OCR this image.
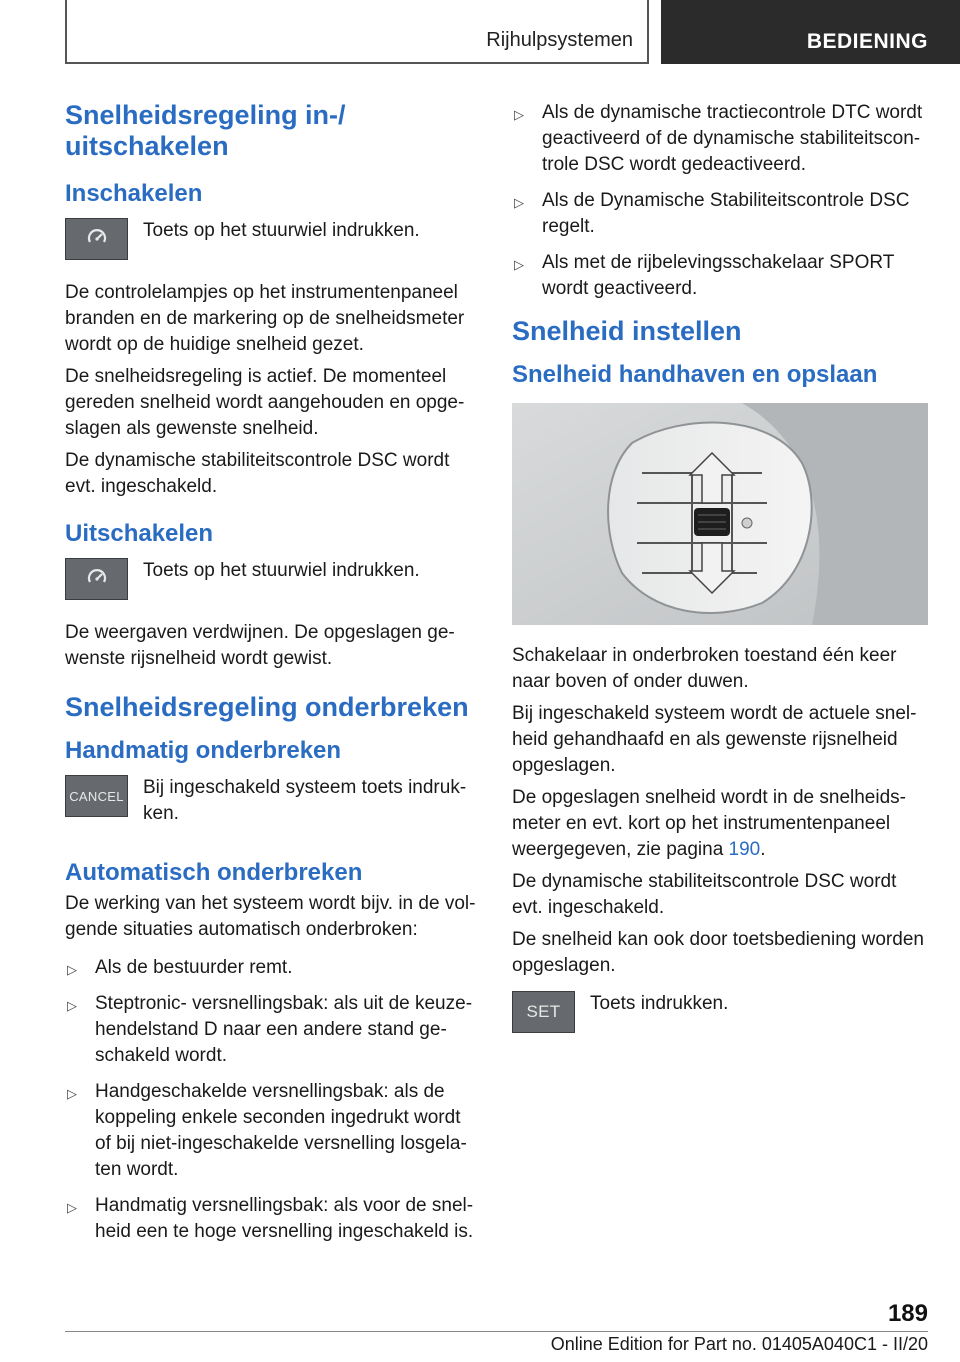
Rijhulpsystemen	BEDIENING
Snelheidsregeling in-/
uitschakelen
Inschakelen
Toets op het stuurwiel indrukken.

De controlelampjes op het instrumentenpaneel branden en de markering op de snelheidsmeter wordt op de huidige snelheid gezet.

De snelheidsregeling is actief. De momenteel gereden snelheid wordt aangehouden en opgeslagen als gewenste snelheid.

De dynamische stabiliteitscontrole DSC wordt evt. ingeschakeld.

Uitschakelen
Toets op het stuurwiel indrukken.

De weergaven verdwijnen. De opgeslagen gewenste rijsnelheid wordt gewist.

Snelheidsregeling onderbreken
Handmatig onderbreken
CANCEL Bij ingeschakeld systeem toets indrukken.
Automatisch onderbreken

De werking van het systeem wordt bijv. in de volgende situaties automatisch onderbroken:

▷ Als de bestuurder remt.
▷ Steptronic- versnellingsbak: als uit de keuzehendelstand D naar een andere stand geschakeld wordt.
▷ Handgeschakelde versnellingsbak: als de koppeling enkele seconden ingedrukt wordt of bij niet-ingeschakelde versnelling losgelaten wordt.
▷ Handmatig versnellingsbak: als voor de snelheid een te hoge versnelling ingeschakeld is.
▷ Als de dynamische tractiecontrole DTC wordt geactiveerd of de dynamische stabiliteitscontrole DSC wordt gedeactiveerd.
▷ Als de Dynamische Stabiliteitscontrole DSC regelt.
▷ Als met de rijbelevingsschakelaar SPORT wordt geactiveerd.
Snelheid instellen
Snelheid handhaven en opslaan

Schakelaar in onderbroken toestand één keer naar boven of onder duwen.

Bij ingeschakeld systeem wordt de actuele snelheid gehandhaafd en als gewenste rijsnelheid opgeslagen.

De opgeslagen snelheid wordt in de snelheidsmeter en evt. kort op het instrumentenpaneel weergegeven, zie pagina 190.

De dynamische stabiliteitscontrole DSC wordt evt. ingeschakeld.

De snelheid kan ook door toetsbediening worden opgeslagen.

SET	Toets indrukken.
189
Online Edition for Part no. 01405A040C1 - II/20
